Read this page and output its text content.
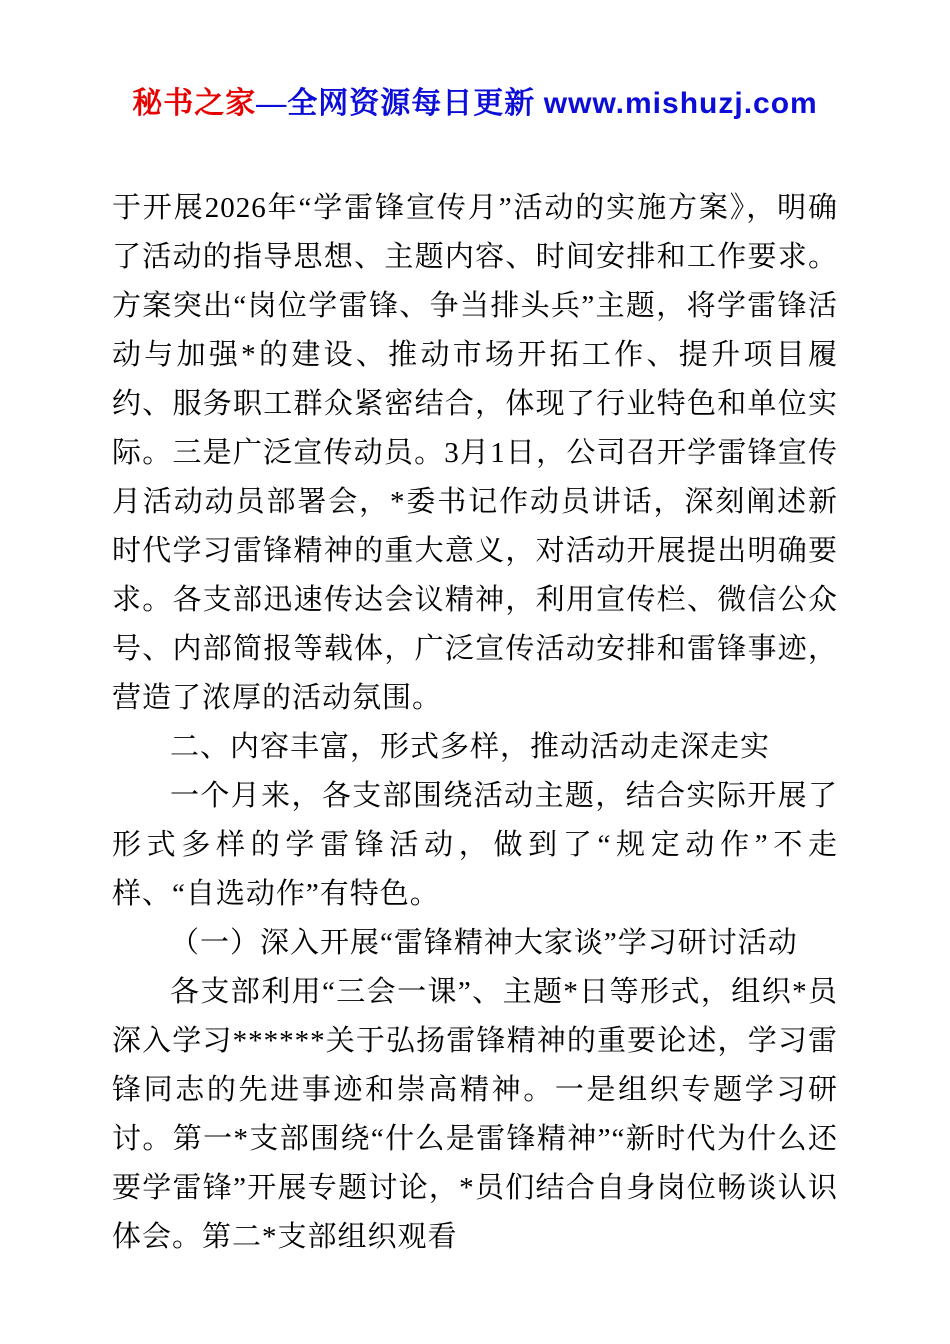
秘书之家—全网资源每日更新 www.mishuzj.com

于开展2026年“学雷锋宣传月”活动的实施方案》，明确了活动的指导思想、主题内容、时间安排和工作要求。方案突出“岗位学雷锋、争当排头兵”主题，将学雷锋活动与加强*的建设、推动市场开拓工作、提升项目履约、服务职工群众紧密结合，体现了行业特色和单位实际。三是广泛宣传动员。3月1日，公司召开学雷锋宣传月活动动员部署会，*委书记作动员讲话，深刻阐述新时代学习雷锋精神的重大意义，对活动开展提出明确要求。各支部迅速传达会议精神，利用宣传栏、微信公众号、内部简报等载体，广泛宣传活动安排和雷锋事迹，营造了浓厚的活动氛围。

二、内容丰富，形式多样，推动活动走深走实

一个月来，各支部围绕活动主题，结合实际开展了形式多样的学雷锋活动，做到了“规定动作”不走样、“自选动作”有特色。

（一）深入开展“雷锋精神大家谈”学习研讨活动

各支部利用“三会一课”、主题*日等形式，组织*员深入学习******关于弘扬雷锋精神的重要论述，学习雷锋同志的先进事迹和崇高精神。一是组织专题学习研讨。第一*支部围绕“什么是雷锋精神”“新时代为什么还要学雷锋”开展专题讨论，*员们结合自身岗位畅谈认识体会。第二*支部组织观看
